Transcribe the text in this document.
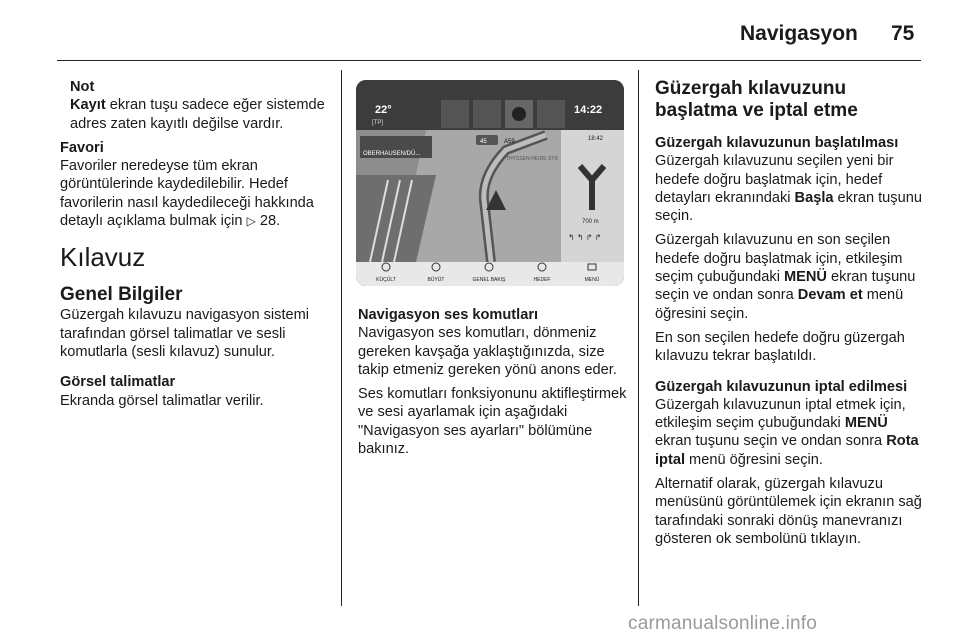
Navigasyon 75

Not

Kayıt ekran tuşu sadece eğer sistemde adres zaten kayıtlı değilse vardır.

Favori

Favoriler neredeyse tüm ekran görüntülerinde kaydedilebilir. Hedef favorilerin nasıl kaydedileceği hakkında detaylı açıklama bulmak için ▷ 28.

Kılavuz

Genel Bilgiler

Güzergah kılavuzu navigasyon sistemi tarafından görsel talimatlar ve sesli komutlarla (sesli kılavuz) sunulur.

Görsel talimatlar

Ekranda görsel talimatlar verilir.

22°
[TP]
14:22
OBERHAUSEN/DÜ...
45	A59
THYSSEN-HEIDE STR
18:42
700 m
↰ ↰ ↱ ↱
KÜÇÜLT	BÜYÜT	GENEL BAKIŞ	HEDEF	MENÜ

Navigasyon ses komutları

Navigasyon ses komutları, dönmeniz gereken kavşağa yaklaştığınızda, size takip etmeniz gereken yönü anons eder.

Ses komutları fonksiyonunu aktifleştirmek ve sesi ayarlamak için aşağıdaki "Navigasyon ses ayarları" bölümüne bakınız.

Güzergah kılavuzunu başlatma ve iptal etme

Güzergah kılavuzunun başlatılması

Güzergah kılavuzunu seçilen yeni bir hedefe doğru başlatmak için, hedef detayları ekranındaki Başla ekran tuşunu seçin.

Güzergah kılavuzunu en son seçilen hedefe doğru başlatmak için, etkileşim seçim çubuğundaki MENÜ ekran tuşunu seçin ve ondan sonra Devam et menü öğresini seçin.

En son seçilen hedefe doğru güzergah kılavuzu tekrar başlatıldı.

Güzergah kılavuzunun iptal edilmesi

Güzergah kılavuzunun iptal etmek için, etkileşim seçim çubuğundaki MENÜ ekran tuşunu seçin ve ondan sonra Rota iptal menü öğresini seçin.

Alternatif olarak, güzergah kılavuzu menüsünü görüntülemek için ekranın sağ tarafındaki sonraki dönüş manevranızı gösteren ok sembolünü tıklayın.

carmanualsonline.info
